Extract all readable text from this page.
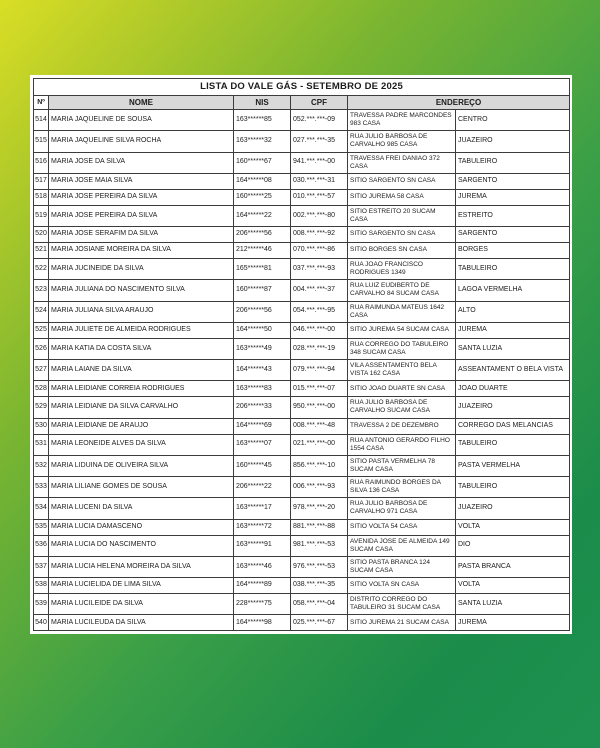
LISTA DO VALE GÁS - SETEMBRO DE 2025					
Nº	NOME	NIS	CPF	ENDEREÇO	
514	MARIA JAQUELINE DE SOUSA	163******85	052.***.***-09	TRAVESSA PADRE MARCONDES 983 CASA	CENTRO
515	MARIA JAQUELINE SILVA ROCHA	163******32	027.***.***-35	RUA JULIO BARBOSA DE CARVALHO 985 CASA	JUAZEIRO
516	MARIA JOSE DA SILVA	160******67	941.***.***-00	TRAVESSA FREI DANIAO 372 CASA	TABULEIRO
517	MARIA JOSE MAIA SILVA	164******08	030.***.***-31	SITIO SARGENTO SN CASA	SARGENTO
518	MARIA JOSE PEREIRA DA SILVA	160******25	010.***.***-57	SITIO JUREMA 58 CASA	JUREMA
519	MARIA JOSE PEREIRA DA SILVA	164******22	002.***.***-80	SITIO ESTREITO 20 SUCAM CASA	ESTREITO
520	MARIA JOSE SERAFIM DA SILVA	206******56	008.***.***-92	SITIO SARGENTO SN CASA	SARGENTO
521	MARIA JOSIANE MOREIRA DA SILVA	212******46	070.***.***-86	SITIO BORGES SN CASA	BORGES
522	MARIA JUCINEIDE DA SILVA	165******81	037.***.***-93	RUA JOAO FRANCISCO RODRIGUES 1349	TABULEIRO
523	MARIA JULIANA DO NASCIMENTO SILVA	160******87	004.***.***-37	RUA LUIZ EUDIBERTO DE CARVALHO 84 SUCAM CASA	LAGOA VERMELHA
524	MARIA JULIANA SILVA ARAUJO	206******56	054.***.***-95	RUA RAIMUNDA MATEUS 1642 CASA	ALTO
525	MARIA JULIETE DE ALMEIDA RODRIGUES	164******50	046.***.***-00	SITIO JUREMA 54 SUCAM CASA	JUREMA
526	MARIA KATIA DA COSTA SILVA	163******49	028.***.***-19	RUA CORREGO DO TABULEIRO 348 SUCAM CASA	SANTA LUZIA
527	MARIA LAIANE DA SILVA	164******43	079.***.***-94	VILA ASSENTAMENTO BELA VISTA 162 CASA	ASSEANTAMENT O BELA VISTA
528	MARIA LEIDIANE CORREIA RODRIGUES	163******83	015.***.***-07	SITIO JOAO DUARTE SN CASA	JOAO DUARTE
529	MARIA LEIDIANE DA SILVA CARVALHO	206******33	950.***.***-00	RUA JULIO BARBOSA DE CARVALHO SUCAM CASA	JUAZEIRO
530	MARIA LEIDIANE DE ARAUJO	164******69	008.***.***-48	TRAVESSA 2 DE DEZEMBRO	CORREGO DAS MELANCIAS
531	MARIA LEONEIDE ALVES DA SILVA	163******07	021.***.***-00	RUA ANTONIO GERARDO FILHO 1554 CASA	TABULEIRO
532	MARIA LIDUINA DE OLIVEIRA SILVA	160******45	856.***.***-10	SITIO PASTA VERMELHA 78 SUCAM CASA	PASTA VERMELHA
533	MARIA LILIANE GOMES DE SOUSA	206******22	006.***.***-93	RUA RAIMUNDO BORGES DA SILVA 136 CASA	TABULEIRO
534	MARIA LUCENI DA SILVA	163******17	978.***.***-20	RUA JULIO BARBOSA DE CARVALHO 971 CASA	JUAZEIRO
535	MARIA LUCIA DAMASCENO	163******72	881.***.***-88	SITIO VOLTA 54 CASA	VOLTA
536	MARIA LUCIA DO NASCIMENTO	163******91	981.***.***-53	AVENIDA JOSE DE ALMEIDA 149 SUCAM CASA	DIO
537	MARIA LUCIA HELENA MOREIRA DA SILVA	163******46	976.***.***-53	SITIO PASTA BRANCA 124 SUCAM CASA	PASTA BRANCA
538	MARIA LUCIELIDA DE LIMA SILVA	164******89	038.***.***-35	SITIO VOLTA SN CASA	VOLTA
539	MARIA LUCILEIDE DA SILVA	228******75	058.***.***-04	DISTRITO CORREGO DO TABULEIRO 31 SUCAM CASA	SANTA LUZIA
540	MARIA LUCILEUDA DA SILVA	164******98	025.***.***-67	SITIO JUREMA 21 SUCAM CASA	JUREMA
